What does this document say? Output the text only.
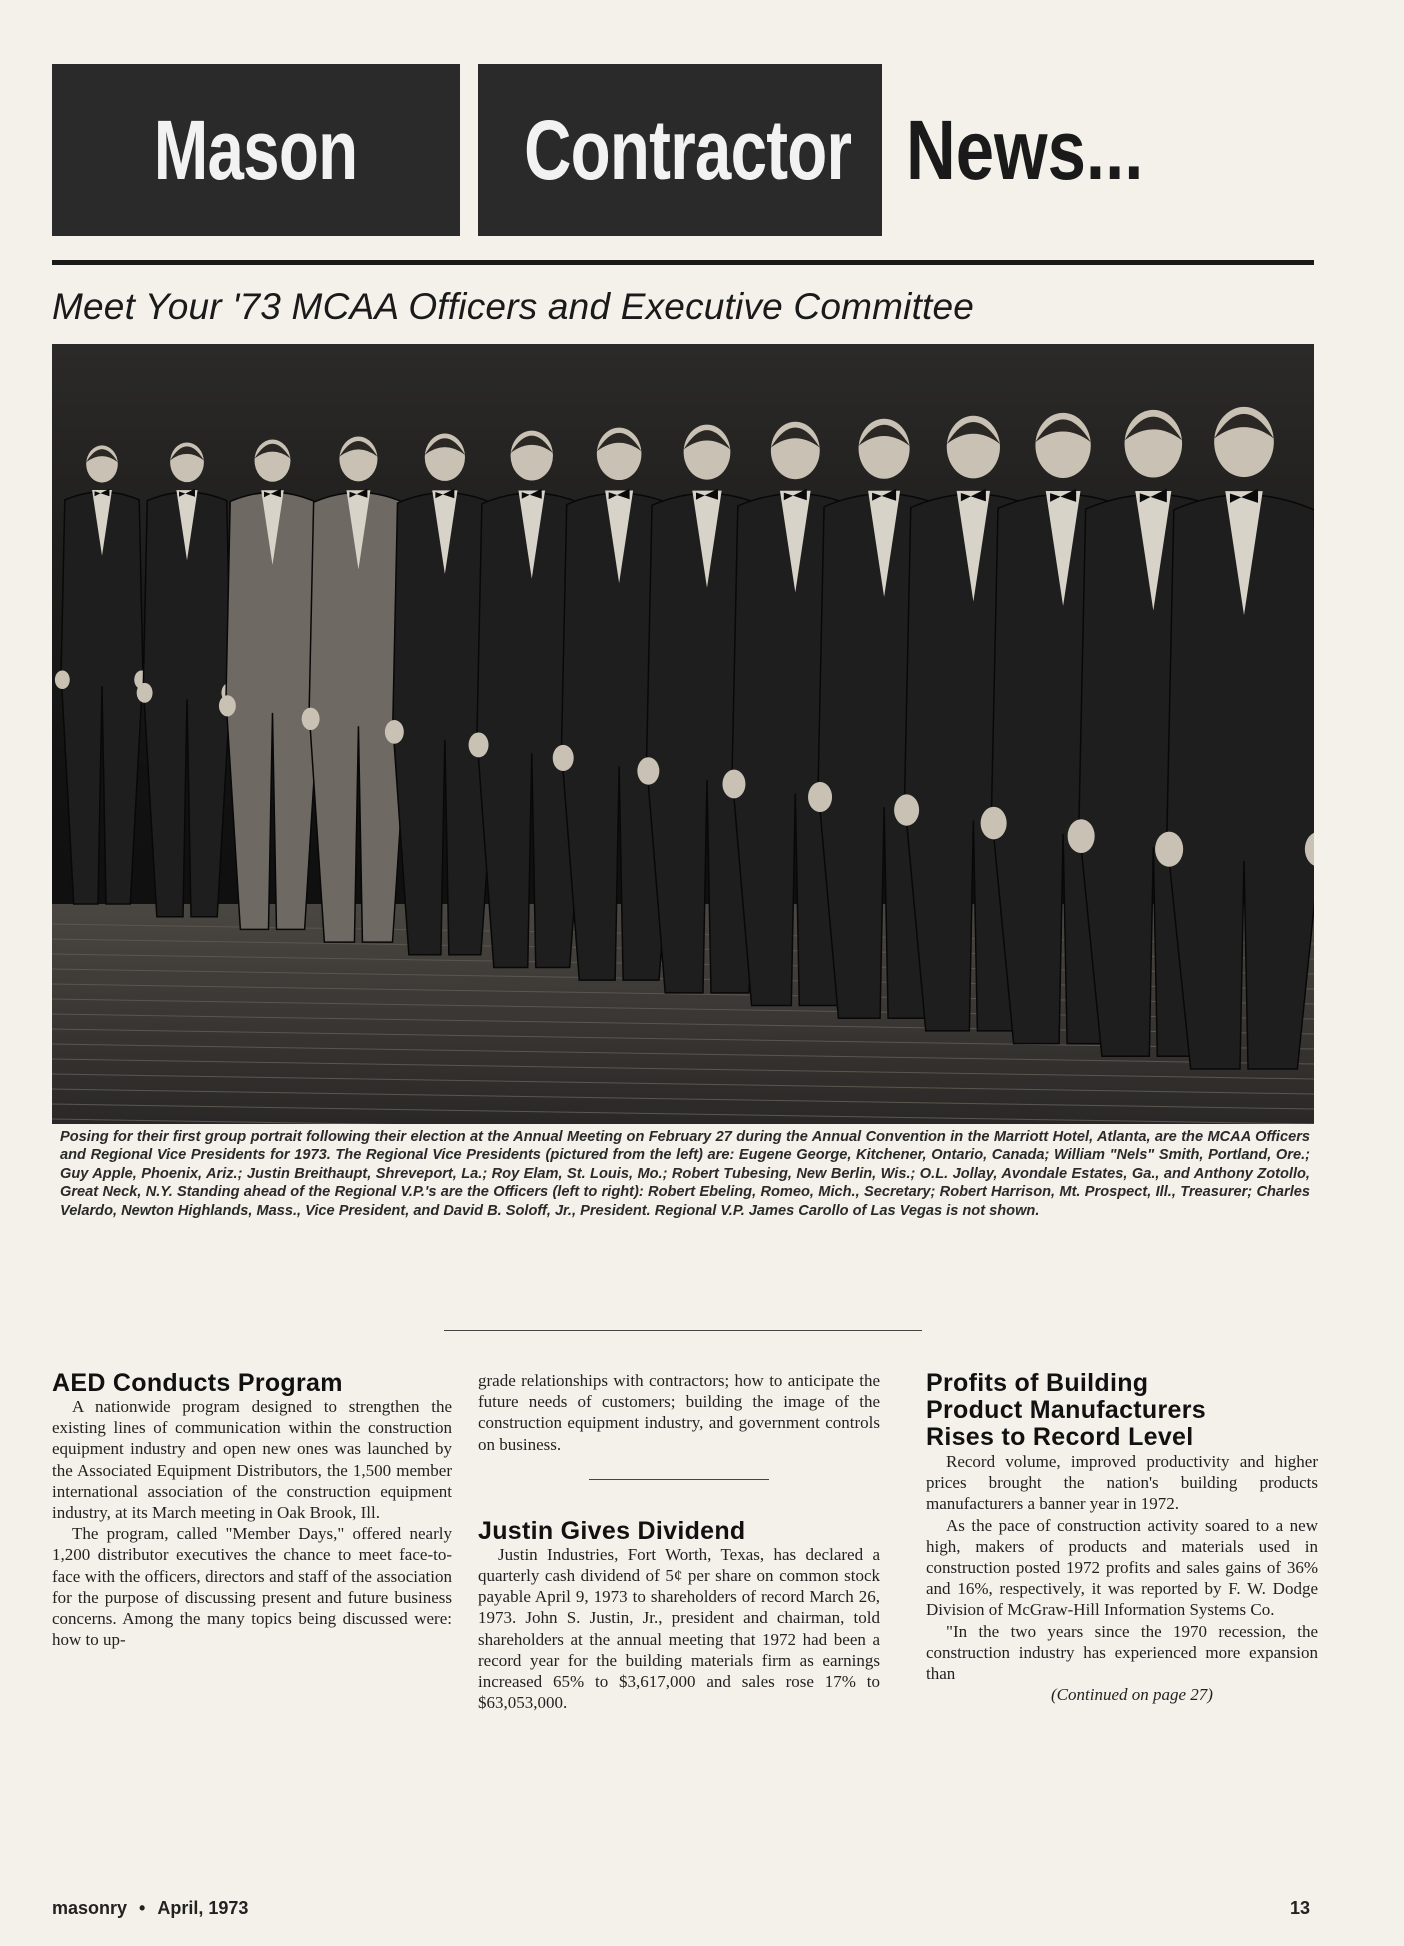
Mason	Contractor News...
Meet Your '73 MCAA Officers and Executive Committee
Posing for their first group portrait following their election at the Annual Meeting on February 27 during the Annual Convention in the Marriott Hotel, Atlanta, are the MCAA Officers and Regional Vice Presidents for 1973. The Regional Vice Presidents (pictured from the left) are: Eugene George, Kitchener, Ontario, Canada; William "Nels" Smith, Portland, Ore.; Guy Apple, Phoenix, Ariz.; Justin Breithaupt, Shreveport, La.; Roy Elam, St. Louis, Mo.; Robert Tubesing, New Berlin, Wis.; O.L. Jollay, Avondale Estates, Ga., and Anthony Zotollo, Great Neck, N.Y. Standing ahead of the Regional V.P.'s are the Officers (left to right): Robert Ebeling, Romeo, Mich., Secretary; Robert Harrison, Mt. Prospect, Ill., Treasurer; Charles Velardo, Newton Highlands, Mass., Vice President, and David B. Soloff, Jr., President. Regional V.P. James Carollo of Las Vegas is not shown.
AED Conducts Program

A nationwide program designed to strengthen the existing lines of communication within the construction equipment industry and open new ones was launched by the Associated Equipment Distributors, the 1,500 member international association of the construction equipment industry, at its March meeting in Oak Brook, Ill.

The program, called "Member Days," offered nearly 1,200 distributor executives the chance to meet face-to-face with the officers, directors and staff of the association for the purpose of discussing present and future business concerns. Among the many topics being discussed were: how to up-

grade relationships with contractors; how to anticipate the future needs of customers; building the image of the construction equipment industry, and government controls on business.

Justin Gives Dividend

Justin Industries, Fort Worth, Texas, has declared a quarterly cash dividend of 5¢ per share on common stock payable April 9, 1973 to shareholders of record March 26, 1973. John S. Justin, Jr., president and chairman, told shareholders at the annual meeting that 1972 had been a record year for the building materials firm as earnings increased 65% to $3,617,000 and sales rose 17% to $63,053,000.

Profits of Building
Product Manufacturers
Rises to Record Level

Record volume, improved productivity and higher prices brought the nation's building products manufacturers a banner year in 1972.

As the pace of construction activity soared to a new high, makers of products and materials used in construction posted 1972 profits and sales gains of 36% and 16%, respectively, it was reported by F. W. Dodge Division of McGraw-Hill Information Systems Co.

"In the two years since the 1970 recession, the construction industry has experienced more expansion than

(Continued on page 27)

masonry • April, 1973	13
